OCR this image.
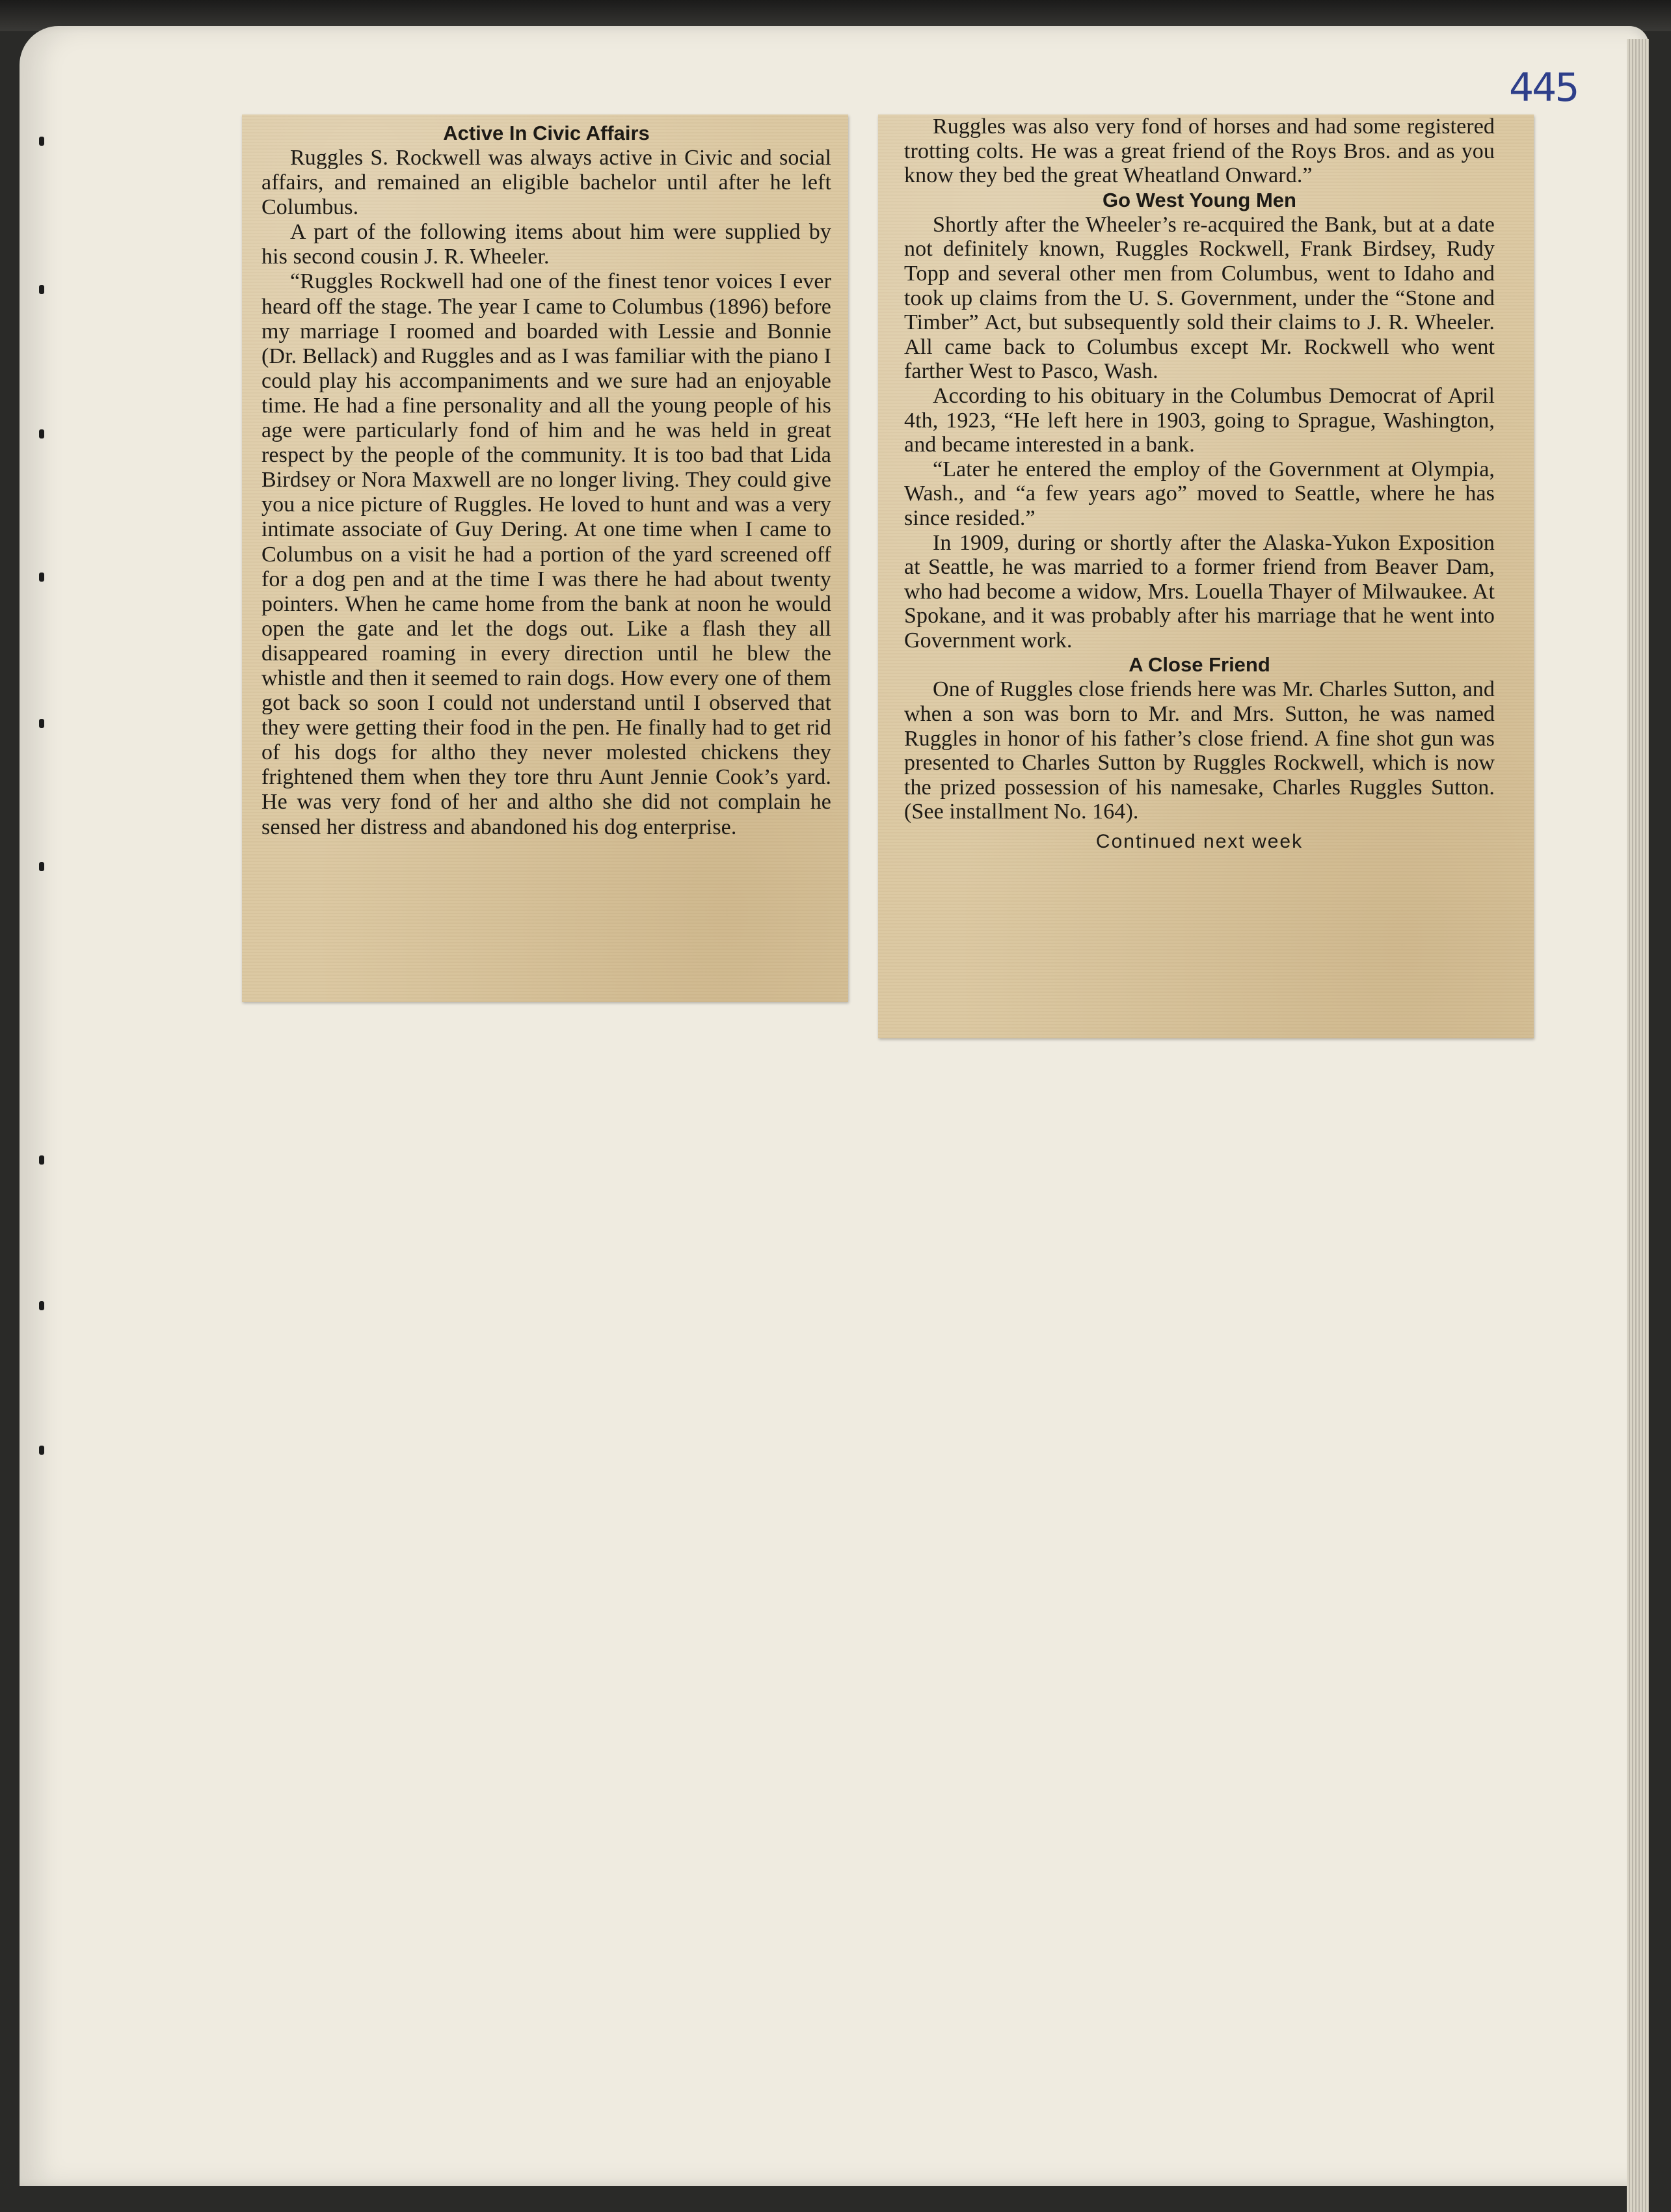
445

Active In Civic Affairs

Ruggles S. Rockwell was always active in Civic and social affairs, and remained an eligible bachelor until after he left Columbus.

A part of the following items about him were supplied by his second cousin J. R. Wheeler.

“Ruggles Rockwell had one of the finest tenor voices I ever heard off the stage. The year I came to Columbus (1896) before my marriage I roomed and boarded with Lessie and Bonnie (Dr. Bellack) and Ruggles and as I was familiar with the piano I could play his accompaniments and we sure had an enjoyable time. He had a fine personality and all the young people of his age were particularly fond of him and he was held in great respect by the people of the community. It is too bad that Lida Birdsey or Nora Maxwell are no longer living. They could give you a nice picture of Ruggles. He loved to hunt and was a very intimate associate of Guy Dering. At one time when I came to Columbus on a visit he had a portion of the yard screened off for a dog pen and at the time I was there he had about twenty pointers. When he came home from the bank at noon he would open the gate and let the dogs out. Like a flash they all disappeared roaming in every direction until he blew the whistle and then it seemed to rain dogs. How every one of them got back so soon I could not understand until I observed that they were getting their food in the pen. He finally had to get rid of his dogs for altho they never molested chickens they frightened them when they tore thru Aunt Jennie Cook’s yard. He was very fond of her and altho she did not complain he sensed her distress and abandoned his dog enterprise.

Ruggles was also very fond of horses and had some registered trotting colts. He was a great friend of the Roys Bros. and as you know they bed the great Wheatland Onward.”

Go West Young Men

Shortly after the Wheeler’s re-acquired the Bank, but at a date not definitely known, Ruggles Rockwell, Frank Birdsey, Rudy Topp and several other men from Columbus, went to Idaho and took up claims from the U. S. Government, under the “Stone and Timber” Act, but subsequently sold their claims to J. R. Wheeler. All came back to Columbus except Mr. Rockwell who went farther West to Pasco, Wash.

According to his obituary in the Columbus Democrat of April 4th, 1923, “He left here in 1903, going to Sprague, Washington, and became interested in a bank.

“Later he entered the employ of the Government at Olympia, Wash., and “a few years ago” moved to Seattle, where he has since resided.”

In 1909, during or shortly after the Alaska-Yukon Exposition at Seattle, he was married to a former friend from Beaver Dam, who had become a widow, Mrs. Louella Thayer of Milwaukee. At Spokane, and it was probably after his marriage that he went into Government work.

A Close Friend

One of Ruggles close friends here was Mr. Charles Sutton, and when a son was born to Mr. and Mrs. Sutton, he was named Ruggles in honor of his father’s close friend. A fine shot gun was presented to Charles Sutton by Ruggles Rockwell, which is now the prized possession of his namesake, Charles Ruggles Sutton. (See installment No. 164).

Continued next week
